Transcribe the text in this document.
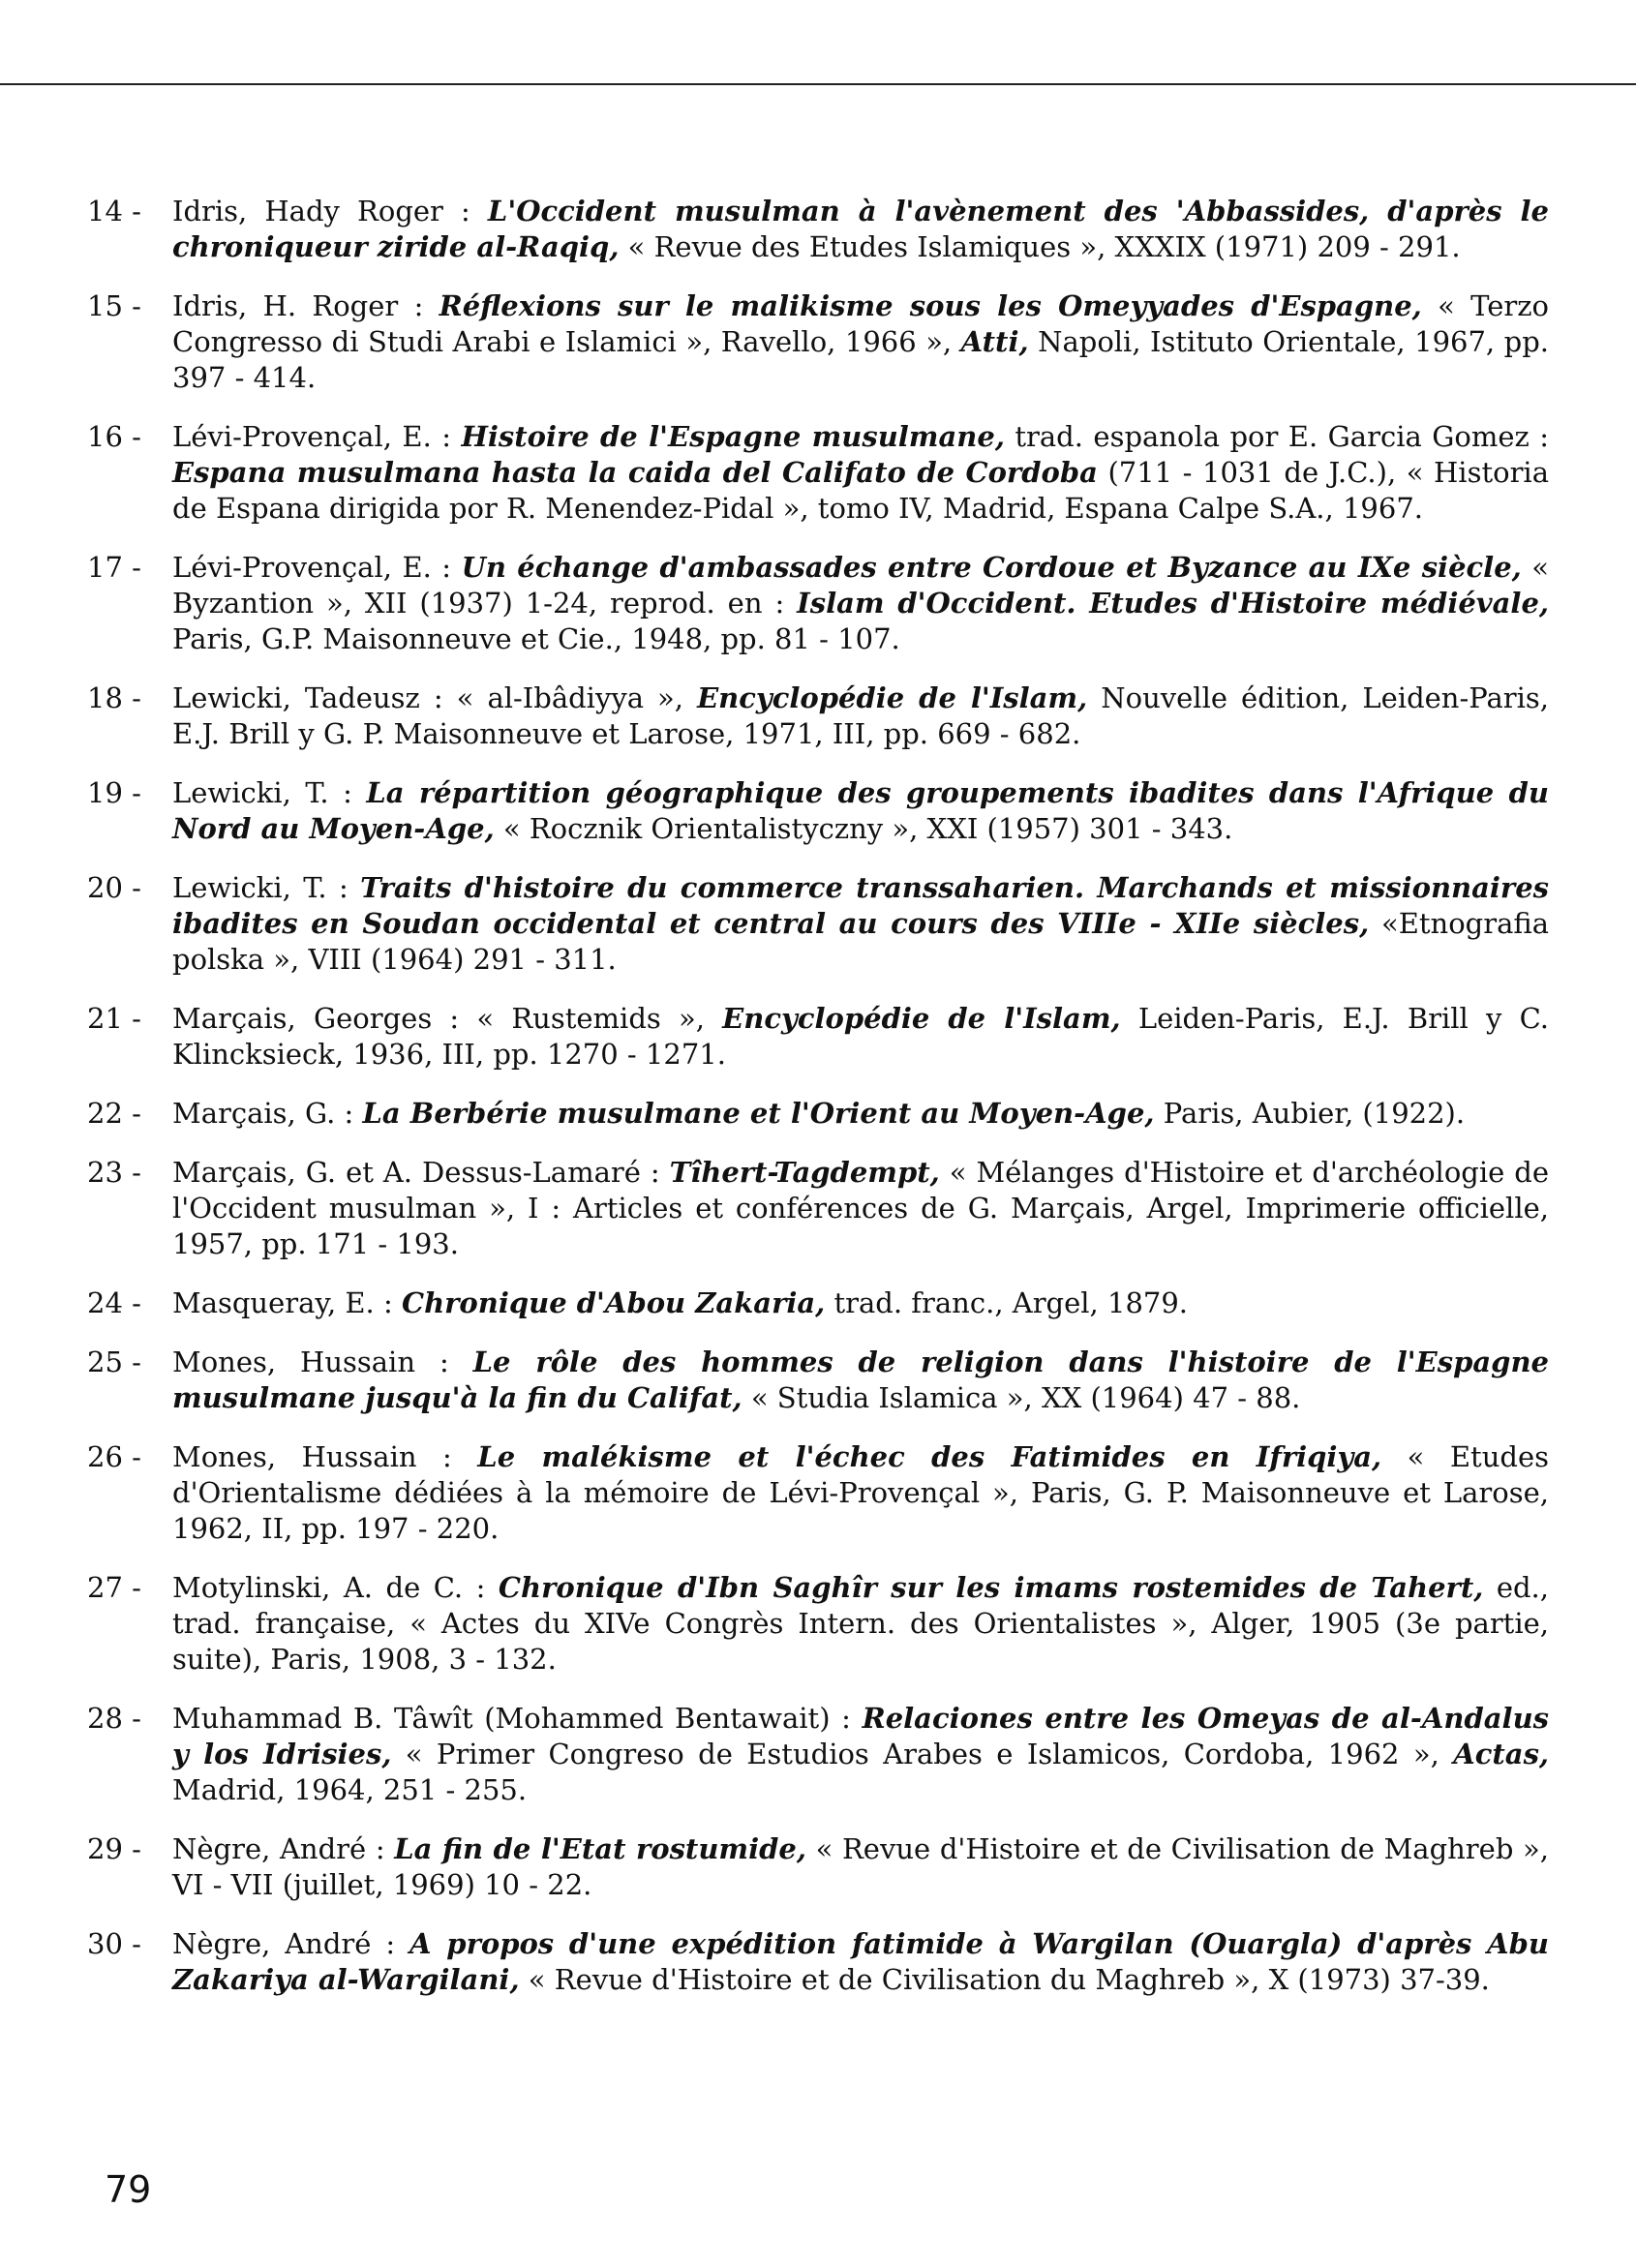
14 -	Idris, Hady Roger : L'Occident musulman à l'avènement des 'Abbassides, d'après le chroniqueur ziride al-Raqiq, « Revue des Etudes Islamiques », XXXIX (1971) 209 - 291.
15 -	Idris, H. Roger : Réflexions sur le malikisme sous les Omeyyades d'Espagne, « Terzo Congresso di Studi Arabi e Islamici », Ravello, 1966 », Atti, Napoli, Istituto Orientale, 1967, pp. 397 - 414.
16 -	Lévi-Provençal, E. : Histoire de l'Espagne musulmane, trad. espanola por E. Garcia Gomez : Espana musulmana hasta la caida del Califato de Cordoba (711 - 1031 de J.C.), « Historia de Espana dirigida por R. Menendez-Pidal », tomo IV, Madrid, Espana Calpe S.A., 1967.
17 -	Lévi-Provençal, E. : Un échange d'ambassades entre Cordoue et Byzance au IXe siècle, « Byzantion », XII (1937) 1-24, reprod. en : Islam d'Occident. Etudes d'Histoire médiévale, Paris, G.P. Maisonneuve et Cie., 1948, pp. 81 - 107.
18 -	Lewicki, Tadeusz : « al-Ibâdiyya », Encyclopédie de l'Islam, Nouvelle édition, Leiden-Paris, E.J. Brill y G. P. Maisonneuve et Larose, 1971, III, pp. 669 - 682.
19 -	Lewicki, T. : La répartition géographique des groupements ibadites dans l'Afrique du Nord au Moyen-Age, « Rocznik Orientalistyczny », XXI (1957) 301 - 343.
20 -	Lewicki, T. : Traits d'histoire du commerce transsaharien. Marchands et missionnaires ibadites en Soudan occidental et central au cours des VIIIe - XIIe siècles, «Etnografia polska », VIII (1964) 291 - 311.
21 -	Marçais, Georges : « Rustemids », Encyclopédie de l'Islam, Leiden-Paris, E.J. Brill y C. Klincksieck, 1936, III, pp. 1270 - 1271.
22 -	Marçais, G. : La Berbérie musulmane et l'Orient au Moyen-Age, Paris, Aubier, (1922).
23 -	Marçais, G. et A. Dessus-Lamaré : Tîhert-Tagdempt, « Mélanges d'Histoire et d'archéologie de l'Occident musulman », I : Articles et conférences de G. Marçais, Argel, Imprimerie officielle, 1957, pp. 171 - 193.
24 -	Masqueray, E. : Chronique d'Abou Zakaria, trad. franc., Argel, 1879.
25 -	Mones, Hussain : Le rôle des hommes de religion dans l'histoire de l'Espagne musulmane jusqu'à la fin du Califat, « Studia Islamica », XX (1964) 47 - 88.
26 -	Mones, Hussain : Le malékisme et l'échec des Fatimides en Ifriqiya, « Etudes d'Orientalisme dédiées à la mémoire de Lévi-Provençal », Paris, G. P. Maisonneuve et Larose, 1962, II, pp. 197 - 220.
27 -	Motylinski, A. de C. : Chronique d'Ibn Saghîr sur les imams rostemides de Tahert, ed., trad. française, « Actes du XIVe Congrès Intern. des Orientalistes », Alger, 1905 (3e partie, suite), Paris, 1908, 3 - 132.
28 -	Muhammad B. Tâwît (Mohammed Bentawait) : Relaciones entre les Omeyas de al-Andalus y los Idrisies, « Primer Congreso de Estudios Arabes e Islamicos, Cordoba, 1962 », Actas, Madrid, 1964, 251 - 255.
29 -	Nègre, André : La fin de l'Etat rostumide, « Revue d'Histoire et de Civilisation de Maghreb », VI - VII (juillet, 1969) 10 - 22.
30 -	Nègre, André : A propos d'une expédition fatimide à Wargilan (Ouargla) d'après Abu Zakariya al-Wargilani, « Revue d'Histoire et de Civilisation du Maghreb », X (1973) 37-39.
79
